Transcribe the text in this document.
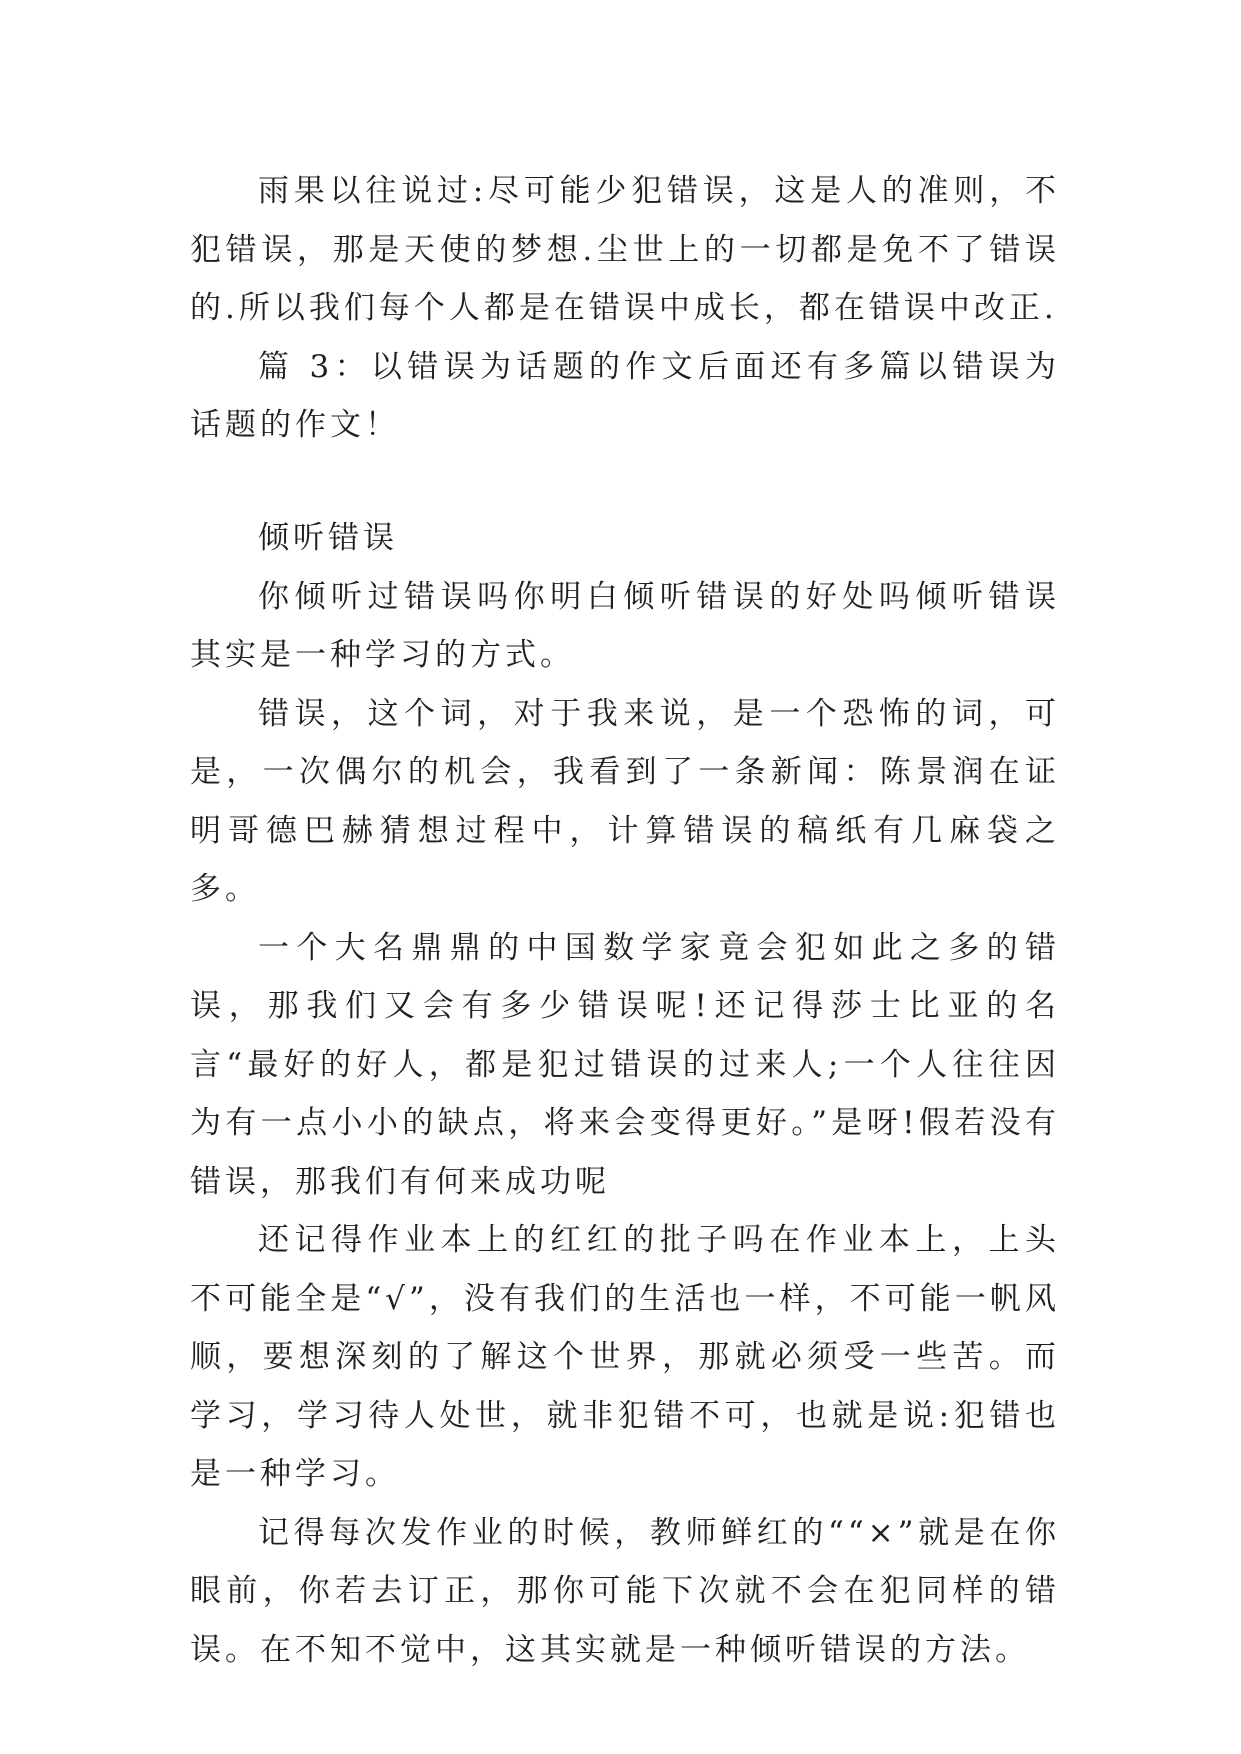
雨果以往说过:尽可能少犯错误，这是人的准则，不犯错误，那是天使的梦想.尘世上的一切都是免不了错误的.所以我们每个人都是在错误中成长，都在错误中改正.

篇 3：以错误为话题的作文后面还有多篇以错误为话题的作文！

倾听错误

你倾听过错误吗你明白倾听错误的好处吗倾听错误其实是一种学习的方式。

错误，这个词，对于我来说，是一个恐怖的词，可是，一次偶尔的机会，我看到了一条新闻：陈景润在证明哥德巴赫猜想过程中，计算错误的稿纸有几麻袋之多。

一个大名鼎鼎的中国数学家竟会犯如此之多的错误，那我们又会有多少错误呢!还记得莎士比亚的名言“最好的好人，都是犯过错误的过来人;一个人往往因为有一点小小的缺点，将来会变得更好。”是呀!假若没有错误，那我们有何来成功呢

还记得作业本上的红红的批子吗在作业本上，上头不可能全是“√”，没有我们的生活也一样，不可能一帆风顺，要想深刻的了解这个世界，那就必须受一些苦。而学习，学习待人处世，就非犯错不可，也就是说:犯错也是一种学习。

记得每次发作业的时候，教师鲜红的““×”就是在你眼前，你若去订正，那你可能下次就不会在犯同样的错误。在不知不觉中，这其实就是一种倾听错误的方法。
